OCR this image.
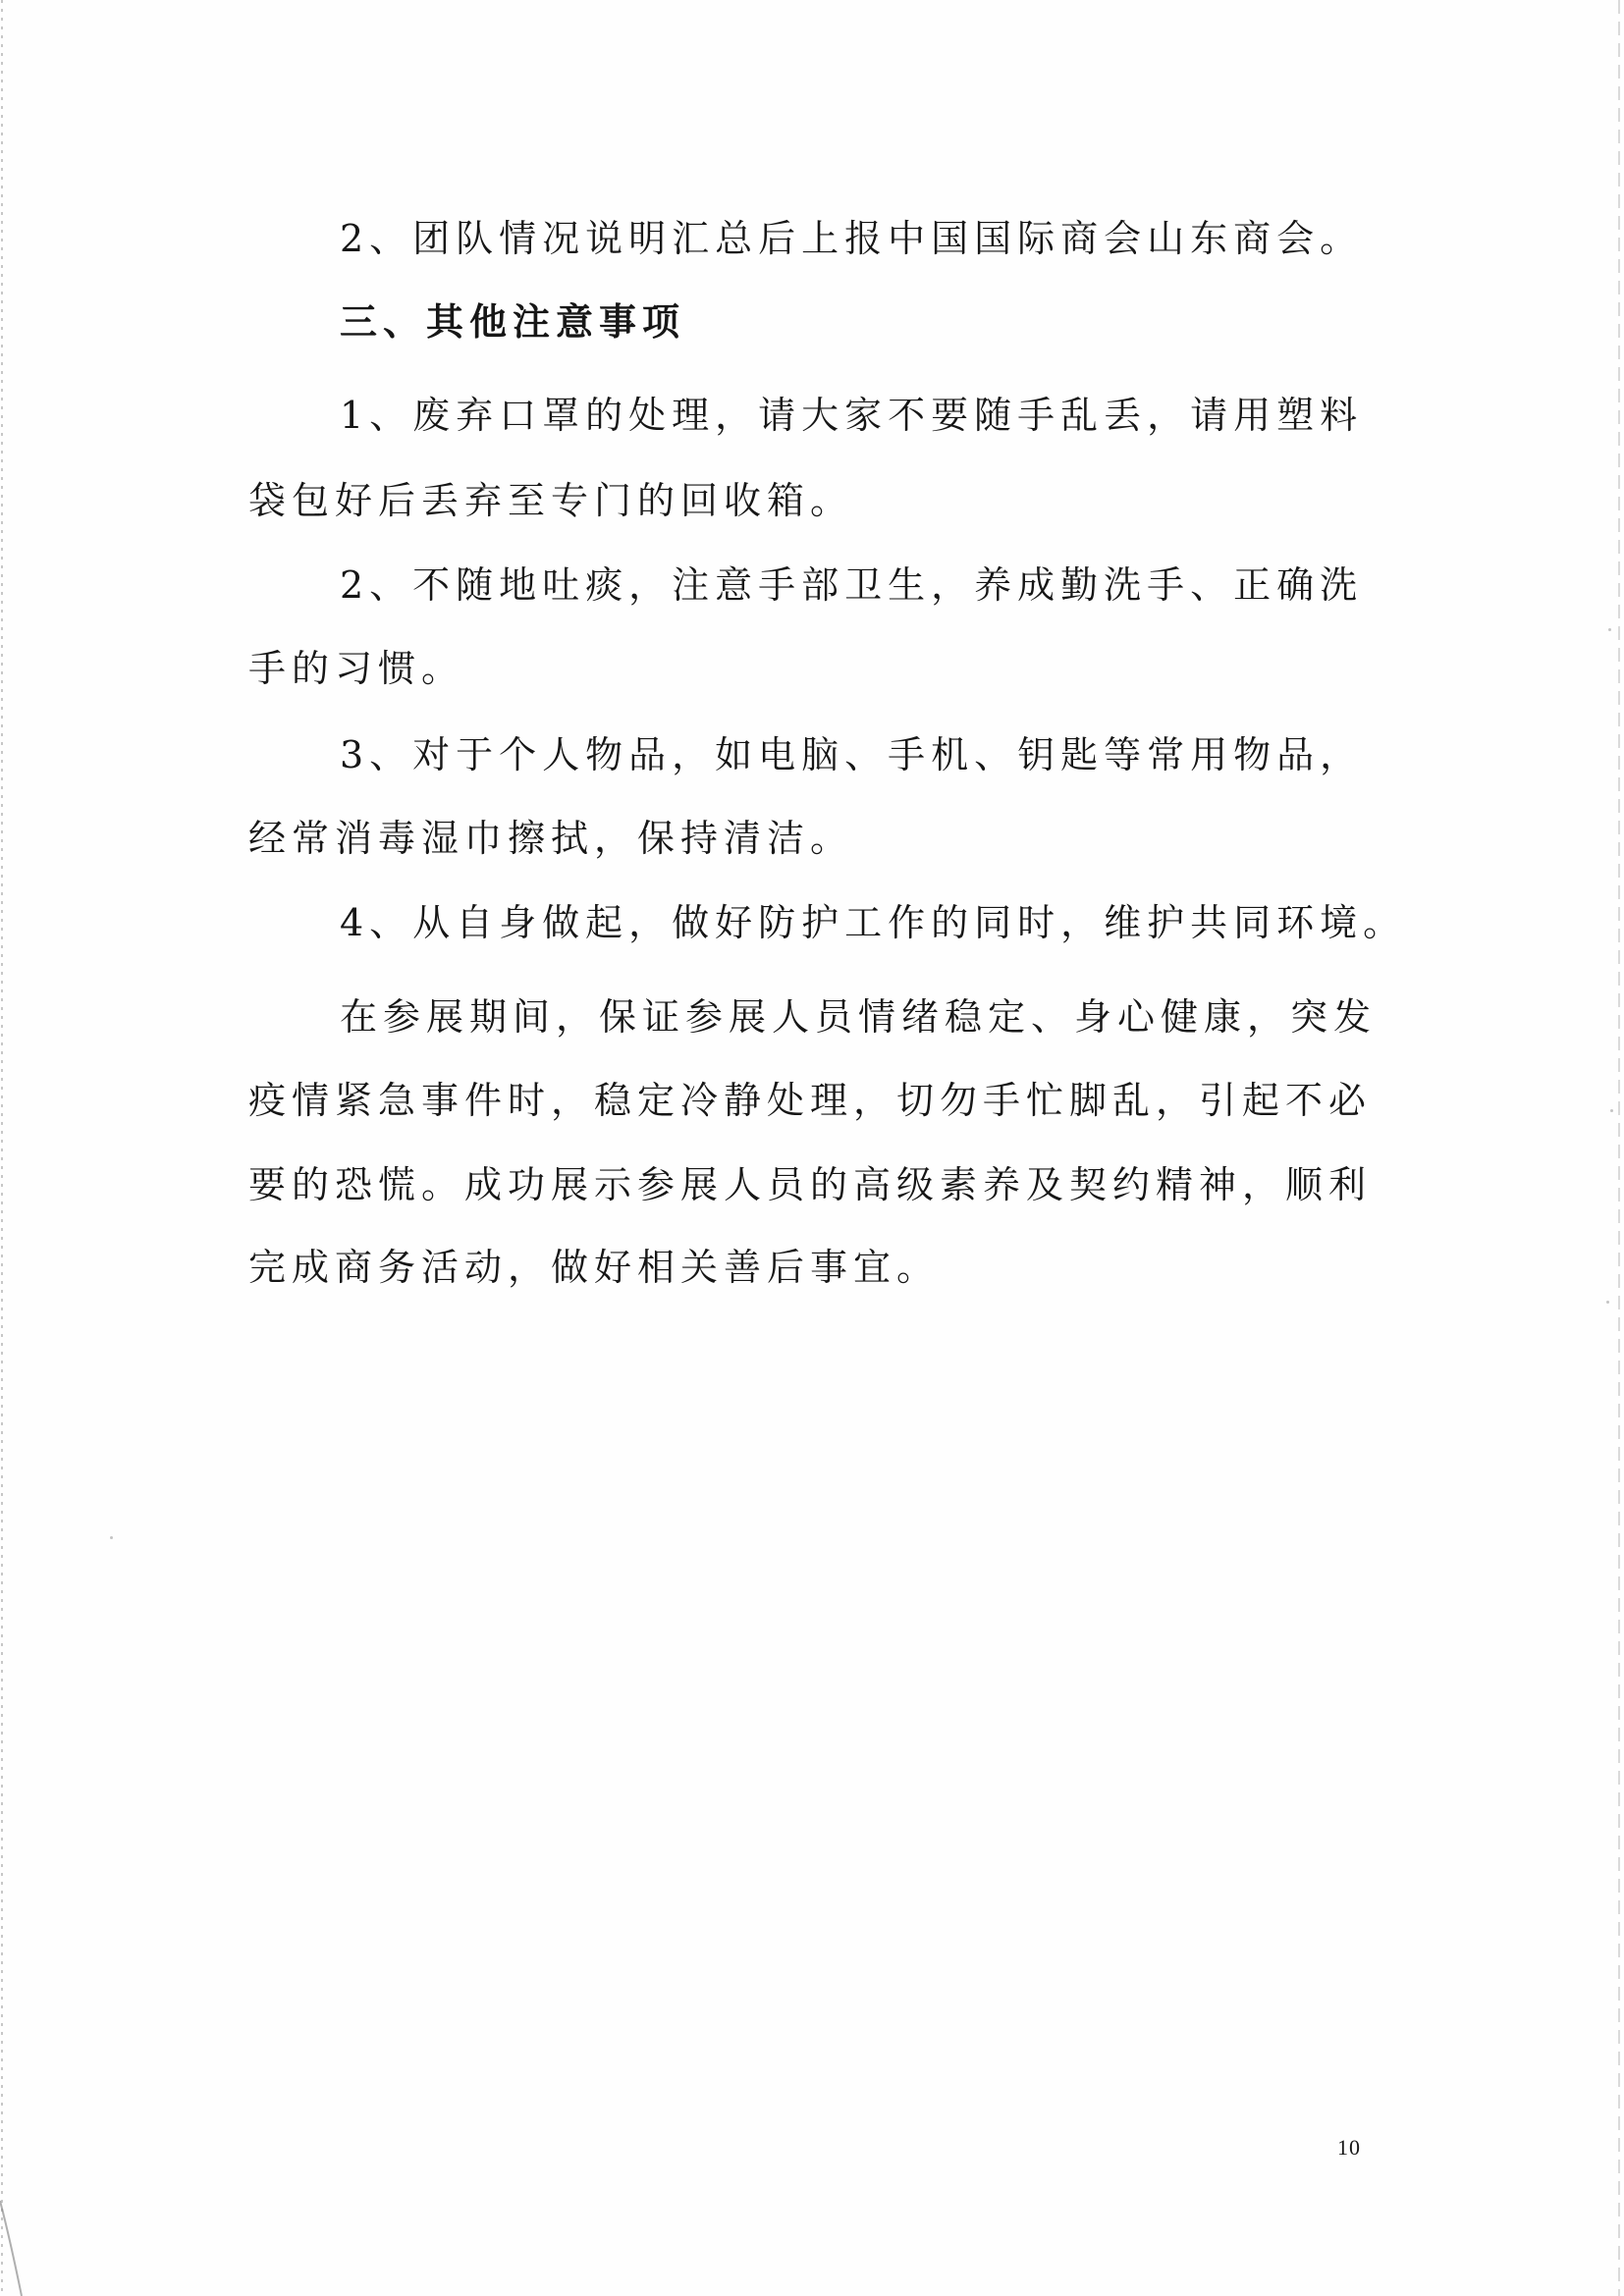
2、团队情况说明汇总后上报中国国际商会山东商会。
三、其他注意事项
1、废弃口罩的处理，请大家不要随手乱丢，请用塑料
袋包好后丢弃至专门的回收箱。
2、不随地吐痰，注意手部卫生，养成勤洗手、正确洗
手的习惯。
3、对于个人物品，如电脑、手机、钥匙等常用物品，
经常消毒湿巾擦拭，保持清洁。
4、从自身做起，做好防护工作的同时，维护共同环境。
在参展期间，保证参展人员情绪稳定、身心健康，突发
疫情紧急事件时，稳定冷静处理，切勿手忙脚乱，引起不必
要的恐慌。成功展示参展人员的高级素养及契约精神，顺利
完成商务活动，做好相关善后事宜。
10
